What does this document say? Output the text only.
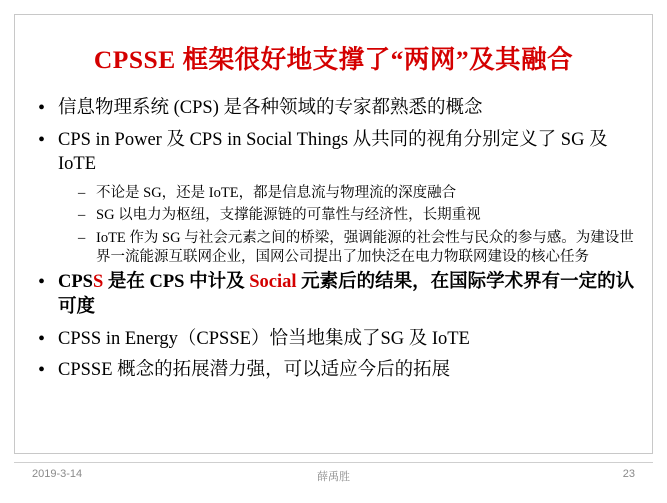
CPSSE 框架很好地支撑了“两网”及其融合
• 信息物理系统 (CPS) 是各种领域的专家都熟悉的概念
• CPS in Power 及 CPS in Social Things 从共同的视角分别定义了 SG 及 IoTE
– 不论是 SG，还是 IoTE，都是信息流与物理流的深度融合
– SG 以电力为枢纽，支撑能源链的可靠性与经济性，长期重视
– IoTE 作为 SG 与社会元素之间的桥梁，强调能源的社会性与民众的参与感。为建设世界一流能源互联网企业，国网公司提出了加快泛在电力物联网建设的核心任务
• CPSS 是在 CPS 中计及 Social 元素后的结果，在国际学术界有一定的认可度
• CPSS in Energy（CPSSE）恰当地集成了SG 及 IoTE
• CPSSE 概念的拓展潜力强，可以适应今后的拓展
2019-3-14	薛禹胜	23
